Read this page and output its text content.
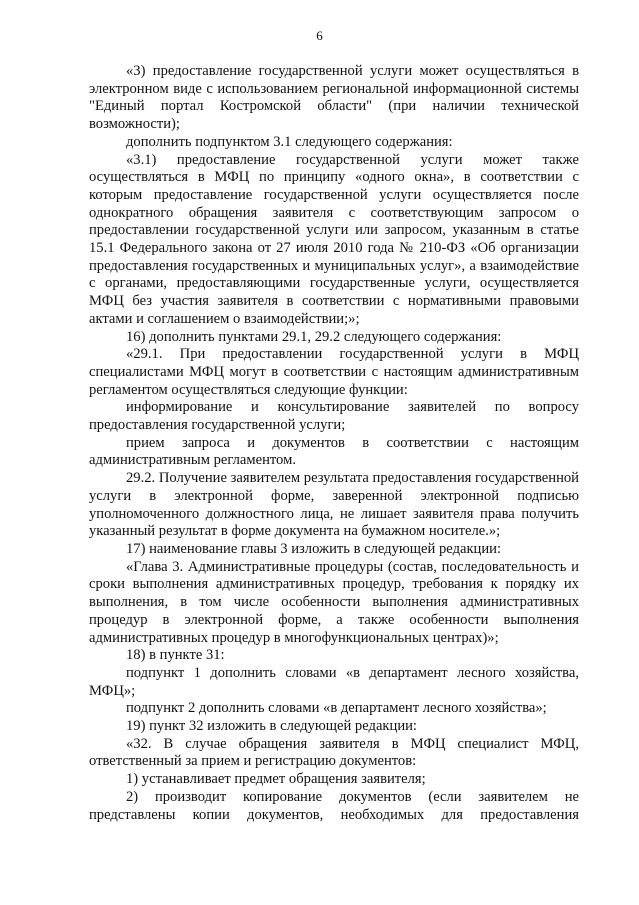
6

«3) предоставление государственной услуги может осуществляться в электронном виде с использованием региональной информационной системы "Единый портал Костромской области" (при наличии технической возможности);

дополнить подпунктом 3.1 следующего содержания:

«3.1) предоставление государственной услуги может также осуществляться в МФЦ по принципу «одного окна», в соответствии с которым предоставление государственной услуги осуществляется после однократного обращения заявителя с соответствующим запросом о предоставлении государственной услуги или запросом, указанным в статье 15.1 Федерального закона от 27 июля 2010 года № 210-ФЗ «Об организации предоставления государственных и муниципальных услуг», а взаимодействие с органами, предоставляющими государственные услуги, осуществляется МФЦ без участия заявителя в соответствии с нормативными правовыми актами и соглашением о взаимодействии;»;

16) дополнить пунктами 29.1, 29.2 следующего содержания:

«29.1. При предоставлении государственной услуги в МФЦ специалистами МФЦ могут в соответствии с настоящим административным регламентом осуществляться следующие функции:

информирование и консультирование заявителей по вопросу предоставления государственной услуги;

прием запроса и документов в соответствии с настоящим административным регламентом.

29.2. Получение заявителем результата предоставления государственной услуги в электронной форме, заверенной электронной подписью уполномоченного должностного лица, не лишает заявителя права получить указанный результат в форме документа на бумажном носителе.»;

17) наименование главы 3 изложить в следующей редакции:

«Глава 3. Административные процедуры (состав, последовательность и сроки выполнения административных процедур, требования к порядку их выполнения, в том числе особенности выполнения административных процедур в электронной форме, а также особенности выполнения административных процедур в многофункциональных центрах)»;

18) в пункте 31:

подпункт 1 дополнить словами «в департамент лесного хозяйства, МФЦ»;

подпункт 2 дополнить словами «в департамент лесного хозяйства»;

19) пункт 32 изложить в следующей редакции:

«32. В случае обращения заявителя в МФЦ специалист МФЦ, ответственный за прием и регистрацию документов:

1) устанавливает предмет обращения заявителя;

2) производит копирование документов (если заявителем не представлены копии документов, необходимых для предоставления
